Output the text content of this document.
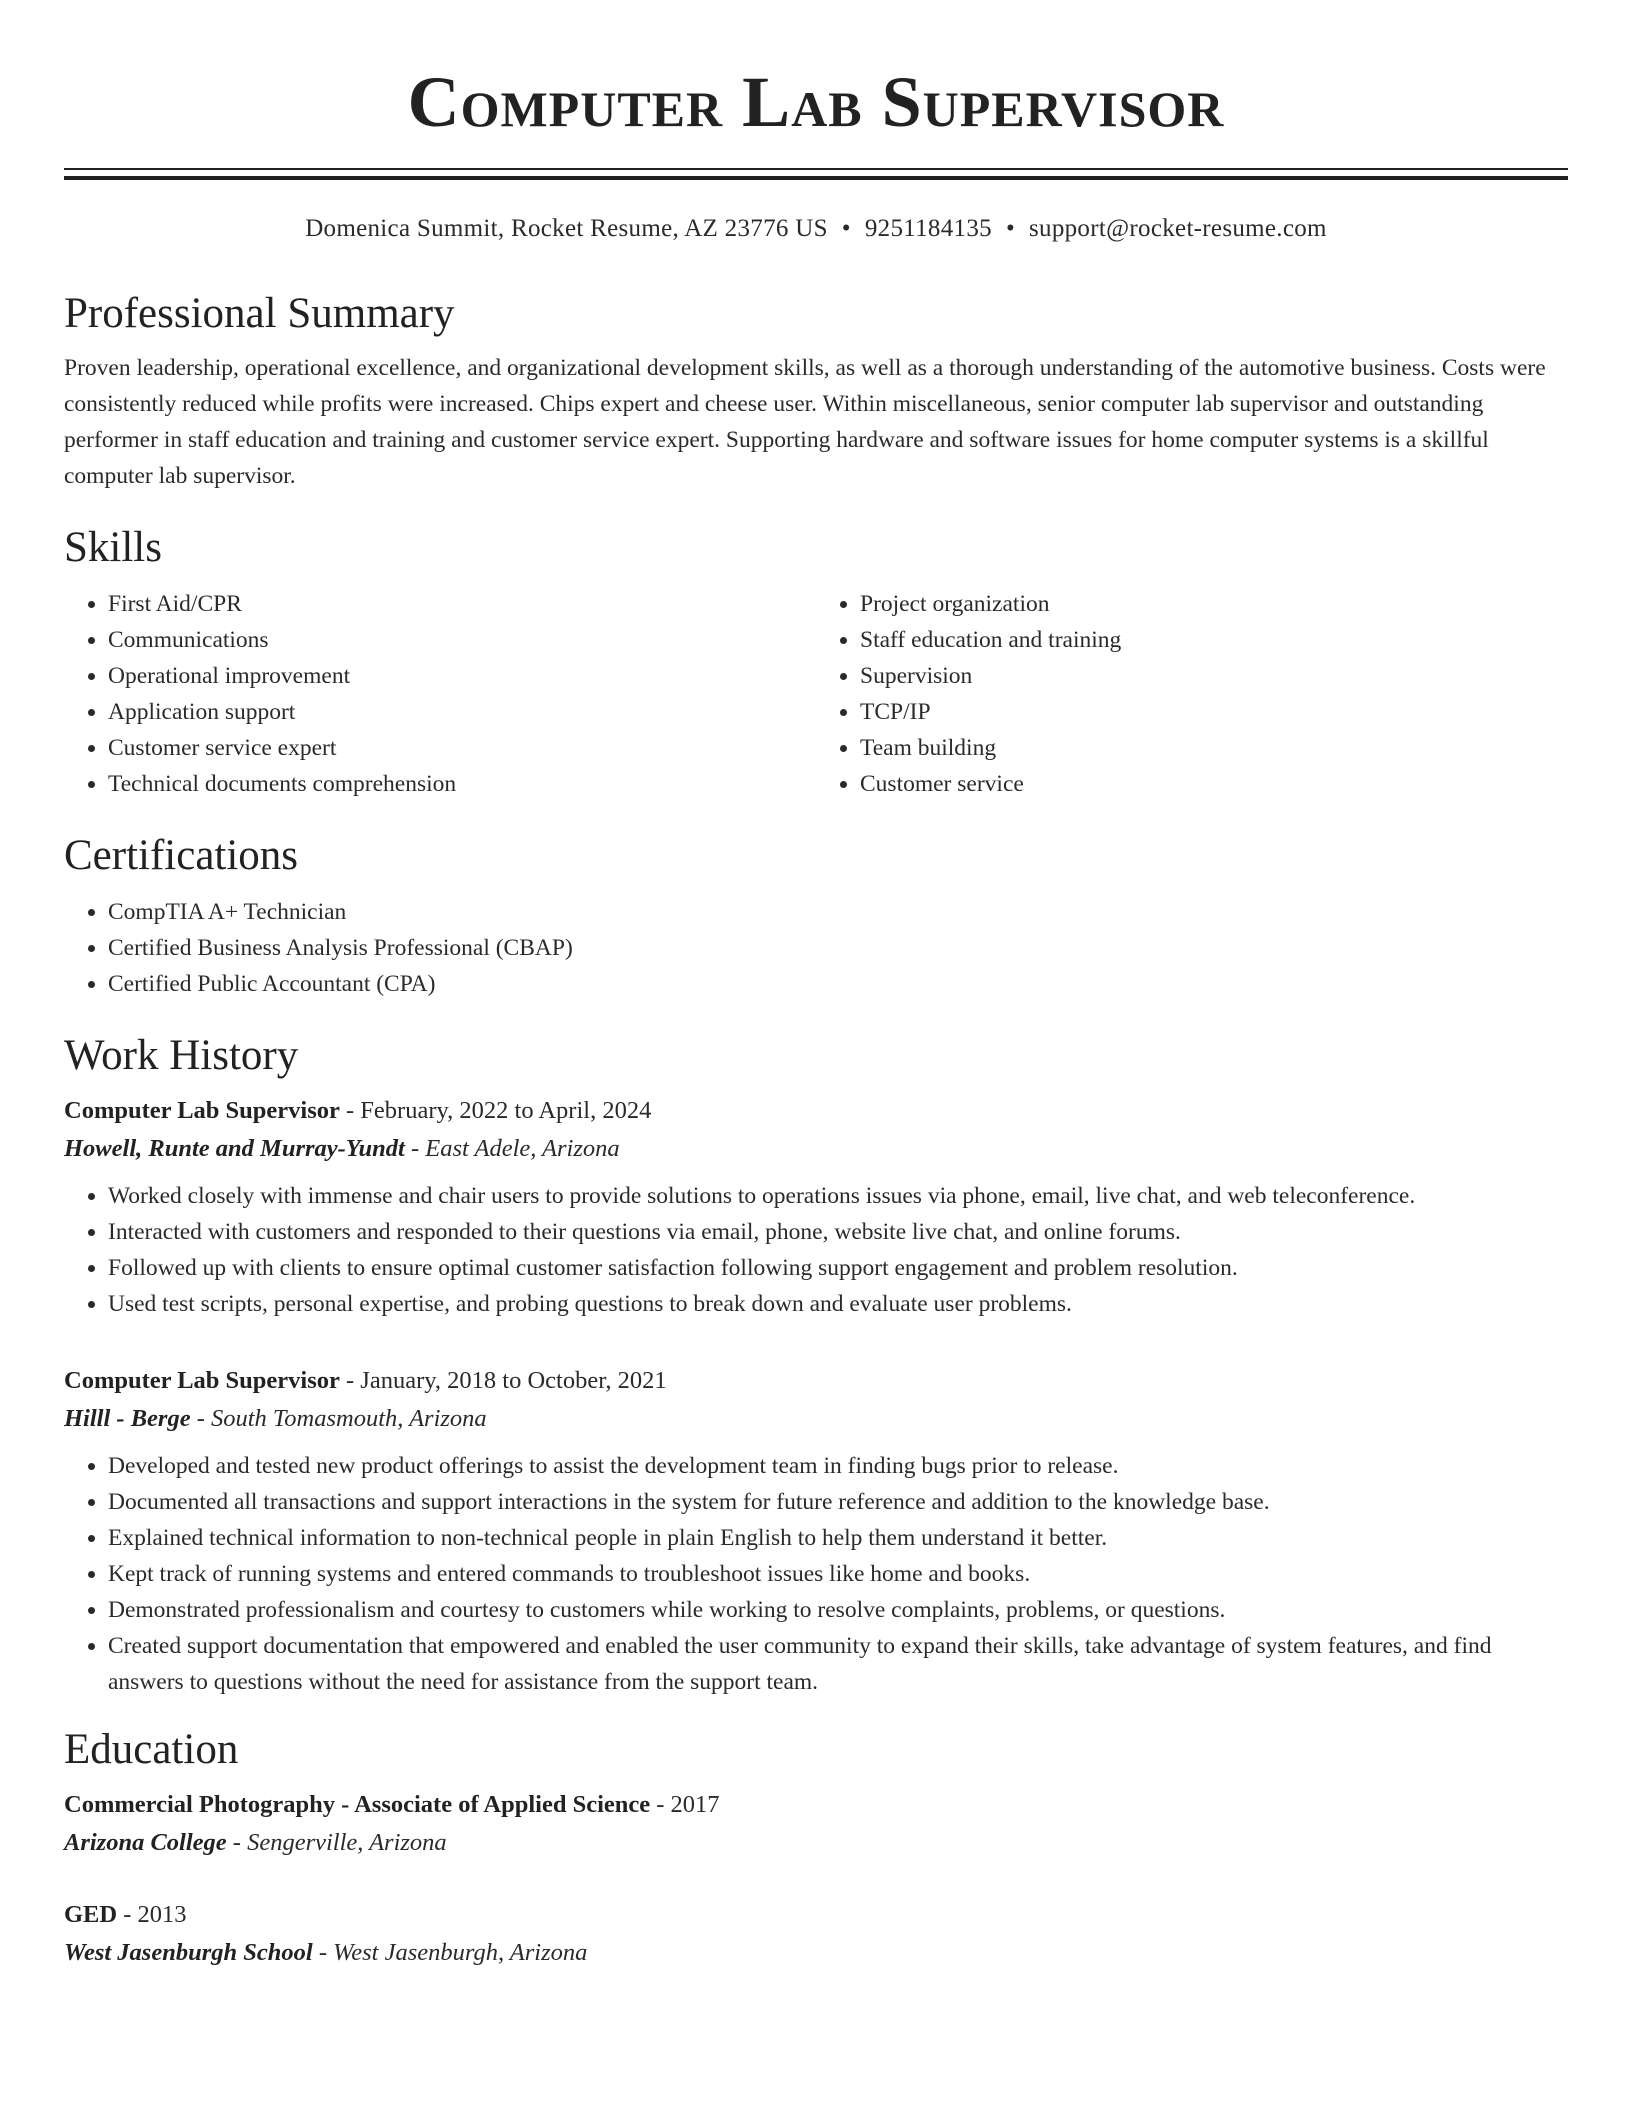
Computer Lab Supervisor
Domenica Summit, Rocket Resume, AZ 23776 US • 9251184135 • support@rocket-resume.com
Professional Summary

Proven leadership, operational excellence, and organizational development skills, as well as a thorough understanding of the automotive business. Costs were consistently reduced while profits were increased. Chips expert and cheese user. Within miscellaneous, senior computer lab supervisor and outstanding performer in staff education and training and customer service expert. Supporting hardware and software issues for home computer systems is a skillful computer lab supervisor.

Skills
• First Aid/CPR
• Communications
• Operational improvement
• Application support
• Customer service expert
• Technical documents comprehension
• Project organization
• Staff education and training
• Supervision
• TCP/IP
• Team building
• Customer service
Certifications
• CompTIA A+ Technician
• Certified Business Analysis Professional (CBAP)
• Certified Public Accountant (CPA)
Work History
Computer Lab Supervisor - February, 2022 to April, 2024
Howell, Runte and Murray-Yundt - East Adele, Arizona
• Worked closely with immense and chair users to provide solutions to operations issues via phone, email, live chat, and web teleconference.
• Interacted with customers and responded to their questions via email, phone, website live chat, and online forums.
• Followed up with clients to ensure optimal customer satisfaction following support engagement and problem resolution.
• Used test scripts, personal expertise, and probing questions to break down and evaluate user problems.
Computer Lab Supervisor - January, 2018 to October, 2021
Hilll - Berge - South Tomasmouth, Arizona
• Developed and tested new product offerings to assist the development team in finding bugs prior to release.
• Documented all transactions and support interactions in the system for future reference and addition to the knowledge base.
• Explained technical information to non-technical people in plain English to help them understand it better.
• Kept track of running systems and entered commands to troubleshoot issues like home and books.
• Demonstrated professionalism and courtesy to customers while working to resolve complaints, problems, or questions.
• Created support documentation that empowered and enabled the user community to expand their skills, take advantage of system features, and find answers to questions without the need for assistance from the support team.
Education
Commercial Photography - Associate of Applied Science - 2017
Arizona College - Sengerville, Arizona
GED - 2013
West Jasenburgh School - West Jasenburgh, Arizona
